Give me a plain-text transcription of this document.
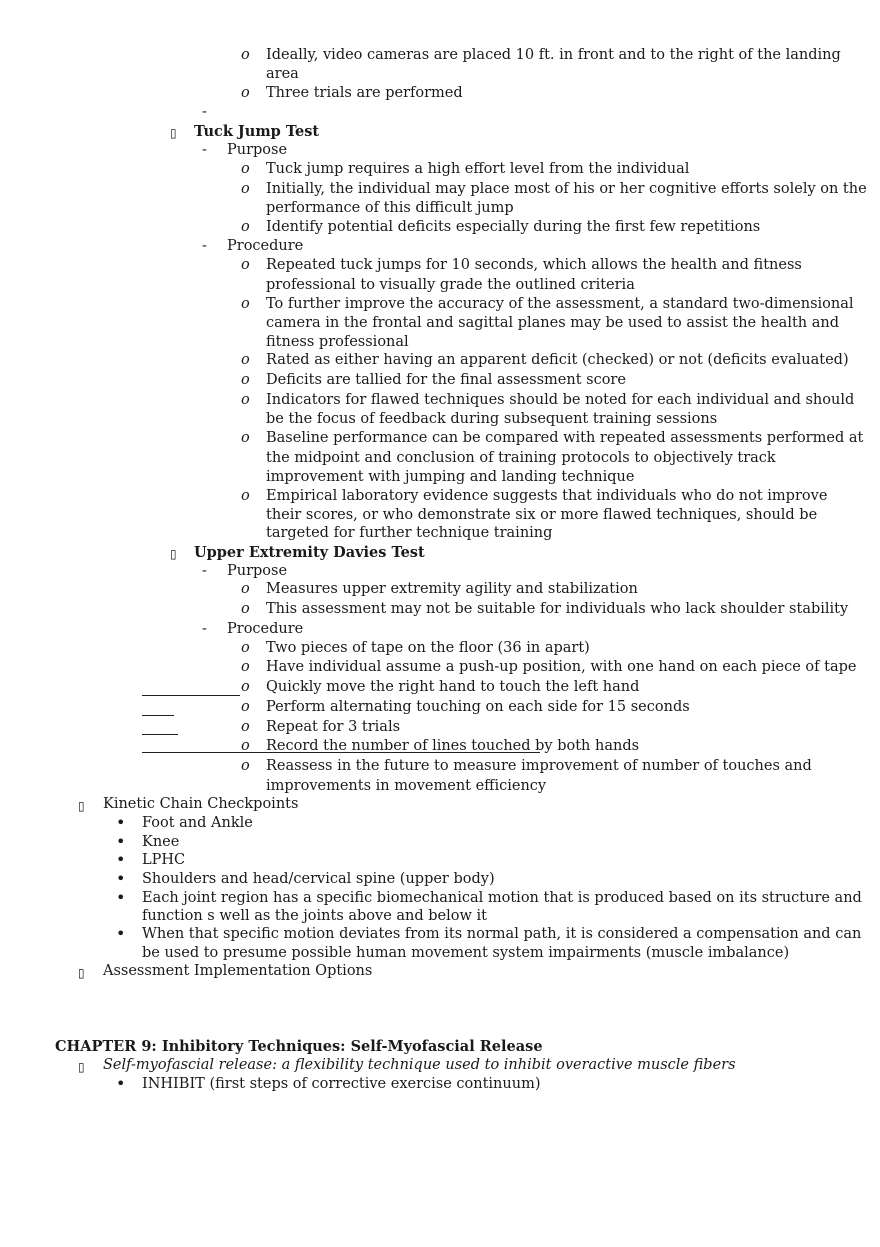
o Ideally, video cameras are placed 10 ft. in front and to the right of the landing
area
o Three trials are performed
-
▯ Tuck Jump Test
- Purpose
o Tuck jump requires a high effort level from the individual
o Initially, the individual may place most of his or her cognitive efforts solely on the
performance of this difficult jump
o Identify potential deficits especially during the first few repetitions
- Procedure
o Repeated tuck jumps for 10 seconds, which allows the health and fitness
professional to visually grade the outlined criteria
o To further improve the accuracy of the assessment, a standard two-dimensional
camera in the frontal and sagittal planes may be used to assist the health and
fitness professional
o Rated as either having an apparent deficit (checked) or not (deficits evaluated)
o Deficits are tallied for the final assessment score
o Indicators for flawed techniques should be noted for each individual and should
be the focus of feedback during subsequent training sessions
o Baseline performance can be compared with repeated assessments performed at
the midpoint and conclusion of training protocols to objectively track
improvement with jumping and landing technique
o Empirical laboratory evidence suggests that individuals who do not improve
their scores, or who demonstrate six or more flawed techniques, should be
targeted for further technique training
▯ Upper Extremity Davies Test
- Purpose
o Measures upper extremity agility and stabilization
o This assessment may not be suitable for individuals who lack shoulder stability
- Procedure
o Two pieces of tape on the floor (36 in apart)
o Have individual assume a push-up position, with one hand on each piece of tape
o Quickly move the right hand to touch the left hand
o Perform alternating touching on each side for 15 seconds
o Repeat for 3 trials
o Record the number of lines touched by both hands
o Reassess in the future to measure improvement of number of touches and
improvements in movement efficiency
▯ Kinetic Chain Checkpoints
• Foot and Ankle
• Knee
• LPHC
• Shoulders and head/cervical spine (upper body)
• Each joint region has a specific biomechanical motion that is produced based on its structure and
function s well as the joints above and below it
• When that specific motion deviates from its normal path, it is considered a compensation and can
be used to presume possible human movement system impairments (muscle imbalance)
▯ Assessment Implementation Options
CHAPTER 9: Inhibitory Techniques: Self-Myofascial Release
▯ Self-myofascial release: a flexibility technique used to inhibit overactive muscle fibers
• INHIBIT (first steps of corrective exercise continuum)
